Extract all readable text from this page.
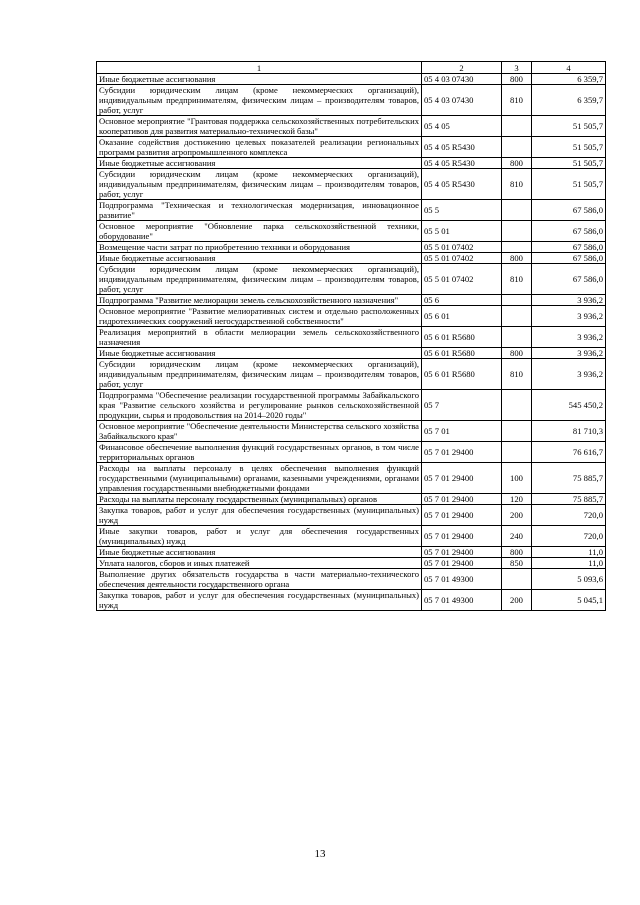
1	2	3	4
Иные бюджетные ассигнования	05 4 03 07430	800	6 359,7
Субсидии юридическим лицам (кроме некоммерческих организаций), индивидуальным предпринимателям, физическим лицам – производителям товаров, работ, услуг	05 4 03 07430	810	6 359,7
Основное мероприятие "Грантовая поддержка сельскохозяйственных потребительских кооперативов для развития материально-технической базы"	05 4 05		51 505,7
Оказание содействия достижению целевых показателей реализации региональных программ развития агропромышленного комплекса	05 4 05 R5430		51 505,7
Иные бюджетные ассигнования	05 4 05 R5430	800	51 505,7
Субсидии юридическим лицам (кроме некоммерческих организаций), индивидуальным предпринимателям, физическим лицам – производителям товаров, работ, услуг	05 4 05 R5430	810	51 505,7
Подпрограмма "Техническая и технологическая модернизация, инновационное развитие"	05 5		67 586,0
Основное мероприятие "Обновление парка сельскохозяйственной техники, оборудование"	05 5 01		67 586,0
Возмещение части затрат по приобретению техники и оборудования	05 5 01 07402		67 586,0
Иные бюджетные ассигнования	05 5 01 07402	800	67 586,0
Субсидии юридическим лицам (кроме некоммерческих организаций), индивидуальным предпринимателям, физическим лицам – производителям товаров, работ, услуг	05 5 01 07402	810	67 586,0
Подпрограмма "Развитие мелиорации земель сельскохозяйственного назначения"	05 6		3 936,2
Основное мероприятие "Развитие мелиоративных систем и отдельно расположенных гидротехнических сооружений негосударственной собственности"	05 6 01		3 936,2
Реализация мероприятий в области мелиорации земель сельскохозяйственного назначения	05 6 01 R5680		3 936,2
Иные бюджетные ассигнования	05 6 01 R5680	800	3 936,2
Субсидии юридическим лицам (кроме некоммерческих организаций), индивидуальным предпринимателям, физическим лицам – производителям товаров, работ, услуг	05 6 01 R5680	810	3 936,2
Подпрограмма "Обеспечение реализации государственной программы Забайкальского края "Развитие сельского хозяйства и регулирование рынков сельскохозяйственной продукции, сырья и продовольствия на 2014–2020 годы"	05 7		545 450,2
Основное мероприятие "Обеспечение деятельности Министерства сельского хозяйства Забайкальского края"	05 7 01		81 710,3
Финансовое обеспечение выполнения функций государственных органов, в том числе территориальных органов	05 7 01 29400		76 616,7
Расходы на выплаты персоналу в целях обеспечения выполнения функций государственными (муниципальными) органами, казенными учреждениями, органами управления государственными внебюджетными фондами	05 7 01 29400	100	75 885,7
Расходы на выплаты персоналу государственных (муниципальных) органов	05 7 01 29400	120	75 885,7
Закупка товаров, работ и услуг для обеспечения государственных (муниципальных) нужд	05 7 01 29400	200	720,0
Иные закупки товаров, работ и услуг для обеспечения государственных (муниципальных) нужд	05 7 01 29400	240	720,0
Иные бюджетные ассигнования	05 7 01 29400	800	11,0
Уплата налогов, сборов и иных платежей	05 7 01 29400	850	11,0
Выполнение других обязательств государства в части материально-технического обеспечения деятельности государственного органа	05 7 01 49300		5 093,6
Закупка товаров, работ и услуг для обеспечения государственных (муниципальных) нужд	05 7 01 49300	200	5 045,1
13
